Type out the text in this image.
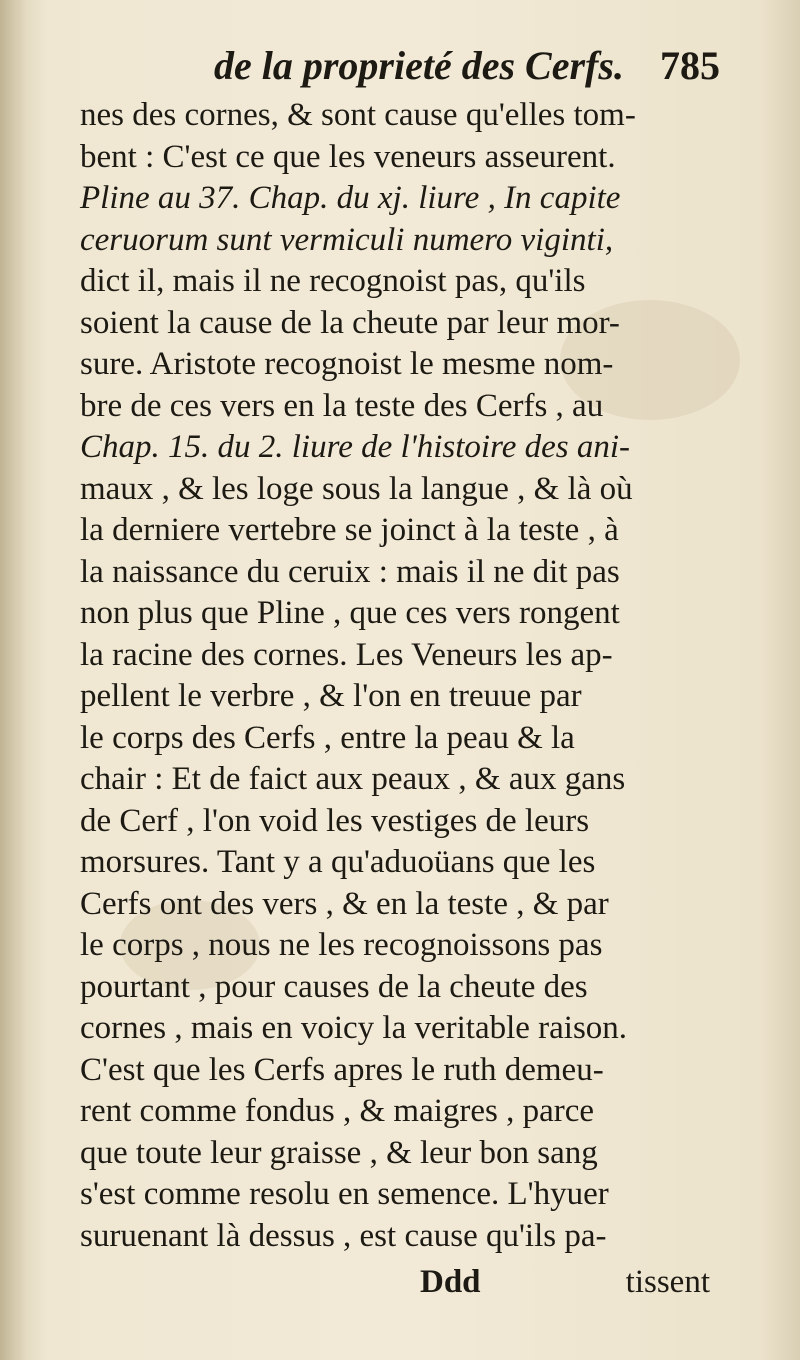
de la proprieté des Cerfs. 785
nes des cornes, & sont cause qu'elles tom-
bent : C'est ce que les veneurs asseurent.
Pline au 37. Chap. du xj. liure , In capite
ceruorum sunt vermiculi numero viginti,
dict il, mais il ne recognoist pas, qu'ils
soient la cause de la cheute par leur mor-
sure. Aristote recognoist le mesme nom-
bre de ces vers en la teste des Cerfs , au
Chap. 15. du 2. liure de l'histoire des ani-
maux , & les loge sous la langue , & là où
la derniere vertebre se joinct à la teste , à
la naissance du ceruix : mais il ne dit pas
non plus que Pline , que ces vers rongent
la racine des cornes. Les Veneurs les ap-
pellent le verbre , & l'on en treuue par
le corps des Cerfs , entre la peau & la
chair : Et de faict aux peaux , & aux gans
de Cerf , l'on void les vestiges de leurs
morsures. Tant y a qu'aduoüans que les
Cerfs ont des vers , & en la teste , & par
le corps , nous ne les recognoissons pas
pourtant , pour causes de la cheute des
cornes , mais en voicy la veritable raison.
C'est que les Cerfs apres le ruth demeu-
rent comme fondus , & maigres , parce
que toute leur graisse , & leur bon sang
s'est comme resolu en semence. L'hyuer
suruenant là dessus , est cause qu'ils pa-
Ddd	tissent
